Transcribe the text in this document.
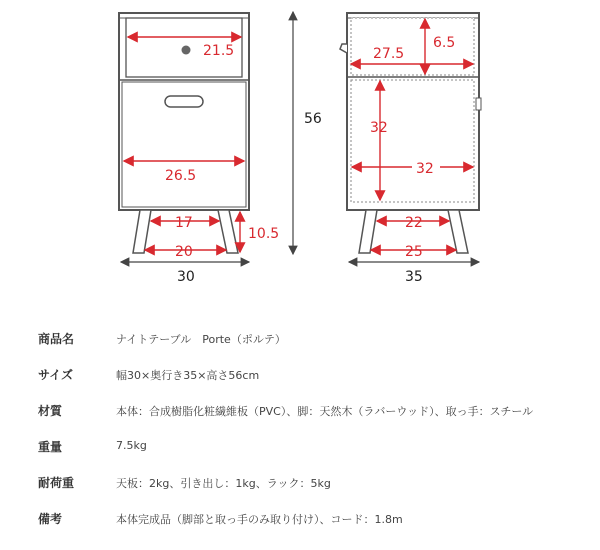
21.5
26.5
17
20
10.5
56
30
27.5
6.5
32
32
22
25
35
商品名	ナイトテーブル　Porte（ポルテ）
サイズ	幅30×奥行き35×高さ56cm
材質	本体：合成樹脂化粧繊維板（PVC）、脚：天然木（ラバーウッド）、取っ手：スチール
重量	7.5kg
耐荷重	天板：2kg、引き出し：1kg、ラック：5kg
備考	本体完成品（脚部と取っ手のみ取り付け）、コード：1.8m
